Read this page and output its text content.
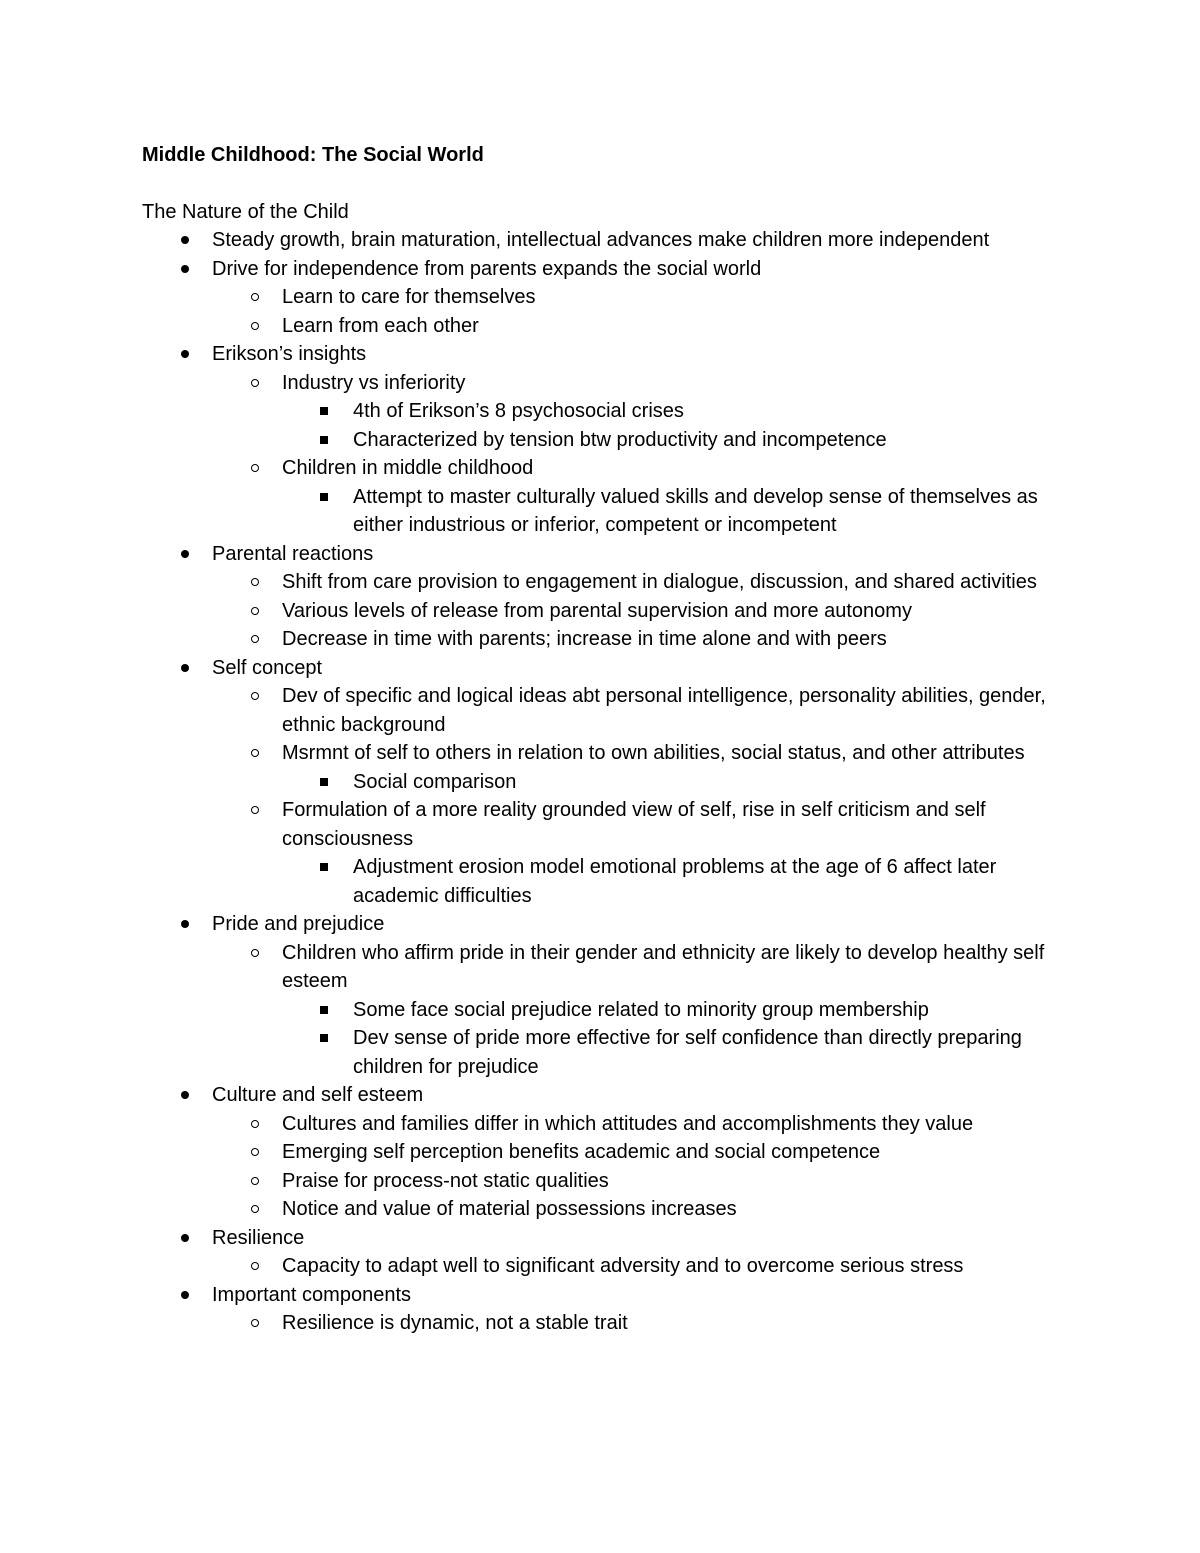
Middle Childhood: The Social World
The Nature of the Child
Steady growth, brain maturation, intellectual advances make children more independent
Drive for independence from parents expands the social world
Learn to care for themselves
Learn from each other
Erikson’s insights
Industry vs inferiority
4th of Erikson’s 8 psychosocial crises
Characterized by tension btw productivity and incompetence
Children in middle childhood
Attempt to master culturally valued skills and develop sense of themselves as either industrious or inferior, competent or incompetent
Parental reactions
Shift from care provision to engagement in dialogue, discussion, and shared activities
Various levels of release from parental supervision and more autonomy
Decrease in time with parents; increase in time alone and with peers
Self concept
Dev of specific and logical ideas abt personal intelligence, personality abilities, gender, ethnic background
Msrmnt of self to others in relation to own abilities, social status, and other attributes
Social comparison
Formulation of a more reality grounded view of self, rise in self criticism and self consciousness
Adjustment erosion model emotional problems at the age of 6 affect later academic difficulties
Pride and prejudice
Children who affirm pride in their gender and ethnicity are likely to develop healthy self esteem
Some face social prejudice related to minority group membership
Dev sense of pride more effective for self confidence than directly preparing children for prejudice
Culture and self esteem
Cultures and families differ in which attitudes and accomplishments they value
Emerging self perception benefits academic and social competence
Praise for process-not static qualities
Notice and value of material possessions increases
Resilience
Capacity to adapt well to significant adversity and to overcome serious stress
Important components
Resilience is dynamic, not a stable trait
